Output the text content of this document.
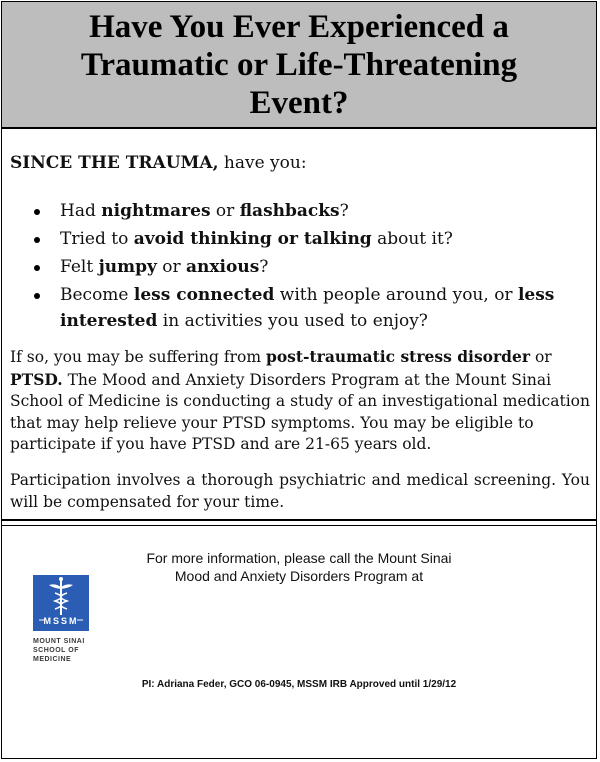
Have You Ever Experienced a Traumatic or Life-Threatening Event?

SINCE THE TRAUMA, have you:

Had nightmares or flashbacks?
Tried to avoid thinking or talking about it?
Felt jumpy or anxious?
Become less connected with people around you, or less interested in activities you used to enjoy?

If so, you may be suffering from post-traumatic stress disorder or PTSD. The Mood and Anxiety Disorders Program at the Mount Sinai School of Medicine is conducting a study of an investigational medication that may help relieve your PTSD symptoms. You may be eligible to participate if you have PTSD and are 21-65 years old.

Participation involves a thorough psychiatric and medical screening. You will be compensated for your time.

For more information, please call the Mount Sinai
Mood and Anxiety Disorders Program at

MSSM
MOUNT SINAI
SCHOOL OF
MEDICINE

PI: Adriana Feder, GCO 06-0945, MSSM IRB Approved until 1/29/12
